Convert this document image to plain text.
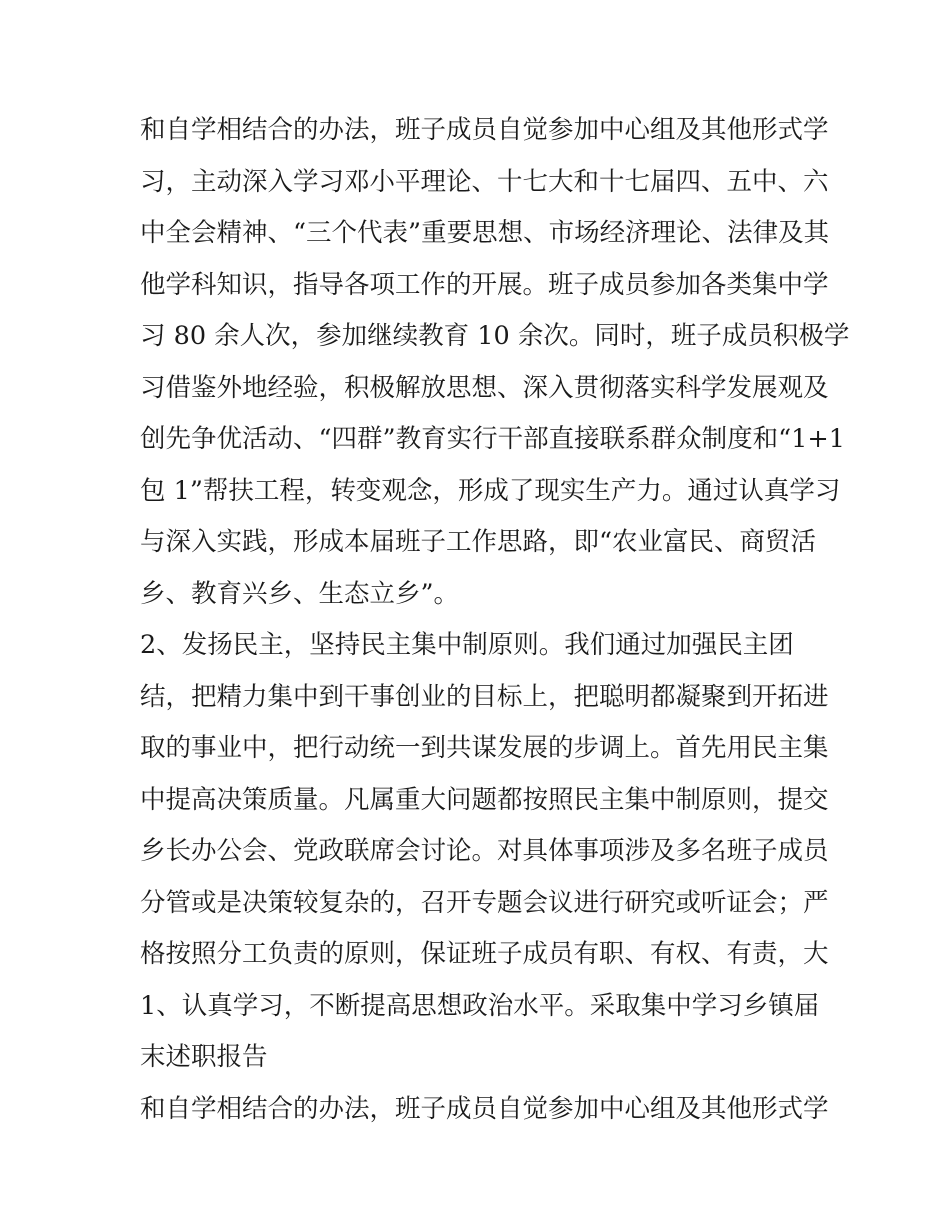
和自学相结合的办法，班子成员自觉参加中心组及其他形式学
习，主动深入学习邓小平理论、十七大和十七届四、五中、六
中全会精神、“三个代表”重要思想、市场经济理论、法律及其
他学科知识，指导各项工作的开展。班子成员参加各类集中学
习 80 余人次，参加继续教育 10 余次。同时，班子成员积极学
习借鉴外地经验，积极解放思想、深入贯彻落实科学发展观及
创先争优活动、“四群”教育实行干部直接联系群众制度和“1+1
包 1”帮扶工程，转变观念，形成了现实生产力。通过认真学习
与深入实践，形成本届班子工作思路，即“农业富民、商贸活
乡、教育兴乡、生态立乡”。
2、发扬民主，坚持民主集中制原则。我们通过加强民主团
结，把精力集中到干事创业的目标上，把聪明都凝聚到开拓进
取的事业中，把行动统一到共谋发展的步调上。首先用民主集
中提高决策质量。凡属重大问题都按照民主集中制原则，提交
乡长办公会、党政联席会讨论。对具体事项涉及多名班子成员
分管或是决策较复杂的，召开专题会议进行研究或听证会；严
格按照分工负责的原则，保证班子成员有职、有权、有责，大
1、认真学习，不断提高思想政治水平。采取集中学习乡镇届
末述职报告
和自学相结合的办法，班子成员自觉参加中心组及其他形式学
